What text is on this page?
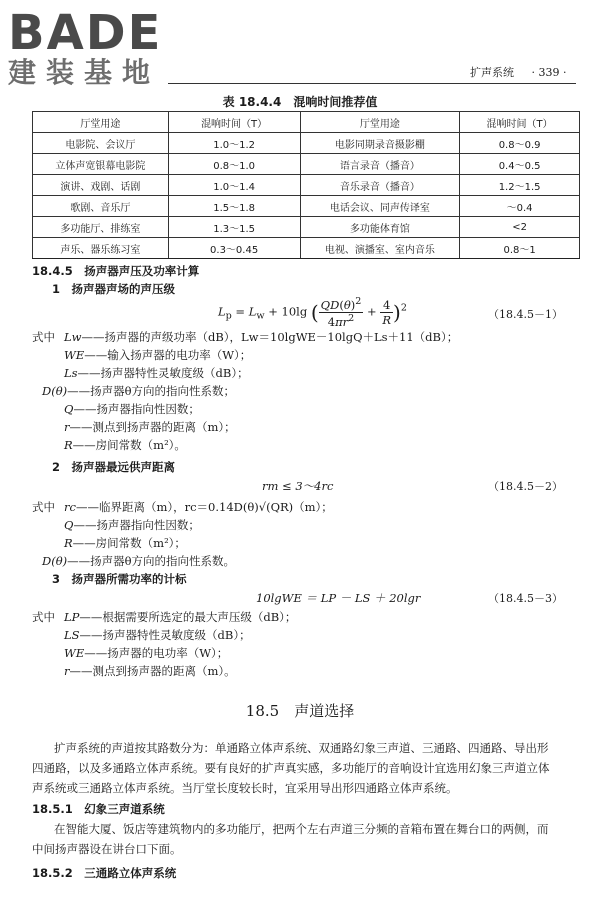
BADE
建装基地	扩声系统 · 339 ·
表 18.4.4　混响时间推荐值
厅堂用途	混响时间（T）	厅堂用途	混响时间（T）
电影院、会议厅	1.0～1.2	电影同期录音摄影棚	0.8～0.9
立体声宽银幕电影院	0.8～1.0	语言录音（播音）	0.4～0.5
演讲、戏剧、话剧	1.0～1.4	音乐录音（播音）	1.2～1.5
歌剧、音乐厅	1.5～1.8	电话会议、同声传译室	～0.4
多功能厅、排练室	1.3～1.5	多功能体育馆	<2
声乐、器乐练习室	0.3～0.45	电视、演播室、室内音乐	0.8～1
18.4.5　扬声器声压及功率计算
1　扬声器声场的声压级
$L_p = L_w + 10\lg$ ( $\frac{QD(\theta)^2}{4\pi r^2} + \frac{4}{R} )^2$	（18.4.5－1）
式中 Lw——扬声器的声级功率（dB），Lw＝10lgWE－10lgQ＋Ls＋11（dB）；
WE——输入扬声器的电功率（W）；
Ls——扬声器特性灵敏度级（dB）；
D(θ)——扬声器θ方向的指向性系数；
Q——扬声器指向性因数；
r——测点到扬声器的距离（m）；
R——房间常数（m²）。
2　扬声器最远供声距离
rm ≤ 3～4rc	（18.4.5－2）
式中 rc——临界距离（m），rc＝0.14D(θ)√(QR)（m）；
Q——扬声器指向性因数；
R——房间常数（m²）；
D(θ)——扬声器θ方向的指向性系数。
3　扬声器所需功率的计标
10lgWE ＝ LP － LS ＋ 20lgr	（18.4.5－3）
式中 LP——根据需要所选定的最大声压级（dB）；
LS——扬声器特性灵敏度级（dB）；
WE——扬声器的电功率（W）；
r——测点到扬声器的距离（m）。
18.5　声道选择
扩声系统的声道按其路数分为：单通路立体声系统、双通路幻象三声道、三通路、四通路、导出形
四通路，以及多通路立体声系统。要有良好的扩声真实感，多功能厅的音响设计宜选用幻象三声道立体
声系统或三通路立体声系统。当厅堂长度较长时，宜采用导出形四通路立体声系统。
18.5.1　幻象三声道系统
在智能大厦、饭店等建筑物内的多功能厅，把两个左右声道三分频的音箱布置在舞台口的两侧，而
中间扬声器设在讲台口下面。
18.5.2　三通路立体声系统
